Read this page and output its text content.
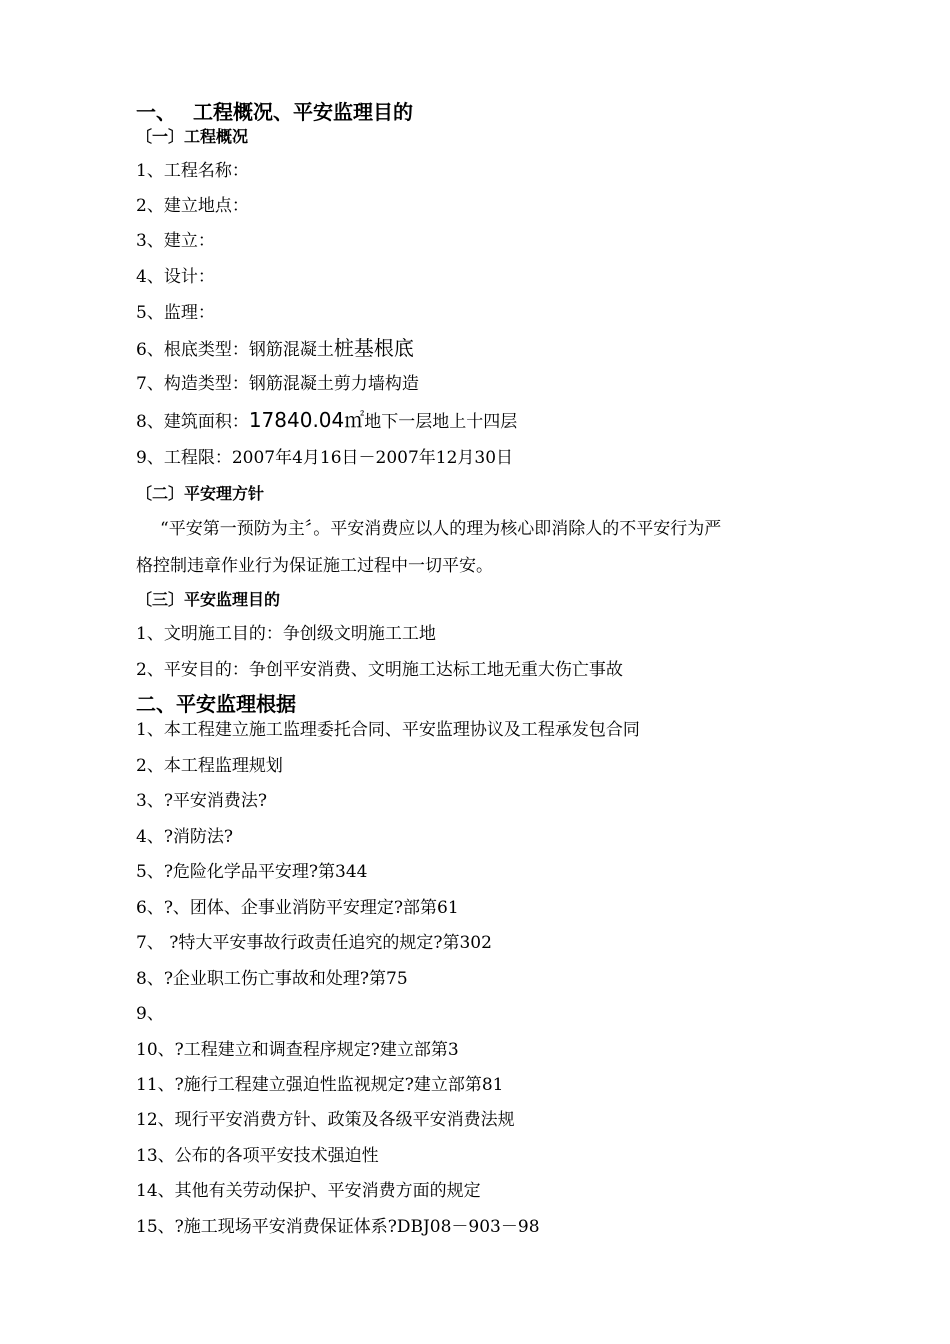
一、 工程概况、平安监理目的
〔一〕工程概况
1、工程名称：
2、建立地点：
3、建立：
4、设计：
5、监理：
6、根底类型：钢筋混凝土桩基根底
7、构造类型：钢筋混凝土剪力墙构造
8、建筑面积：17840.04㎡地下一层地上十四层
9、工程限：2007年4月16日－2007年12月30日
〔二〕平安理方针
“平安第一预防为主〞。平安消费应以人的理为核心即消除人的不平安行为严
格控制违章作业行为保证施工过程中一切平安。
〔三〕平安监理目的
1、文明施工目的：争创级文明施工工地
2、平安目的：争创平安消费、文明施工达标工地无重大伤亡事故
二、平安监理根据
1、本工程建立施工监理委托合同、平安监理协议及工程承发包合同
2、本工程监理规划
3、?平安消费法?
4、?消防法?
5、?危险化学品平安理?第344
6、?、团体、企事业消防平安理定?部第61
7、 ?特大平安事故行政责任追究的规定?第302
8、?企业职工伤亡事故和处理?第75
9、
10、?工程建立和调查程序规定?建立部第3
11、?施行工程建立强迫性监视规定?建立部第81
12、现行平安消费方针、政策及各级平安消费法规
13、公布的各项平安技术强迫性
14、其他有关劳动保护、平安消费方面的规定
15、?施工现场平安消费保证体系?DBJ08－903－98
